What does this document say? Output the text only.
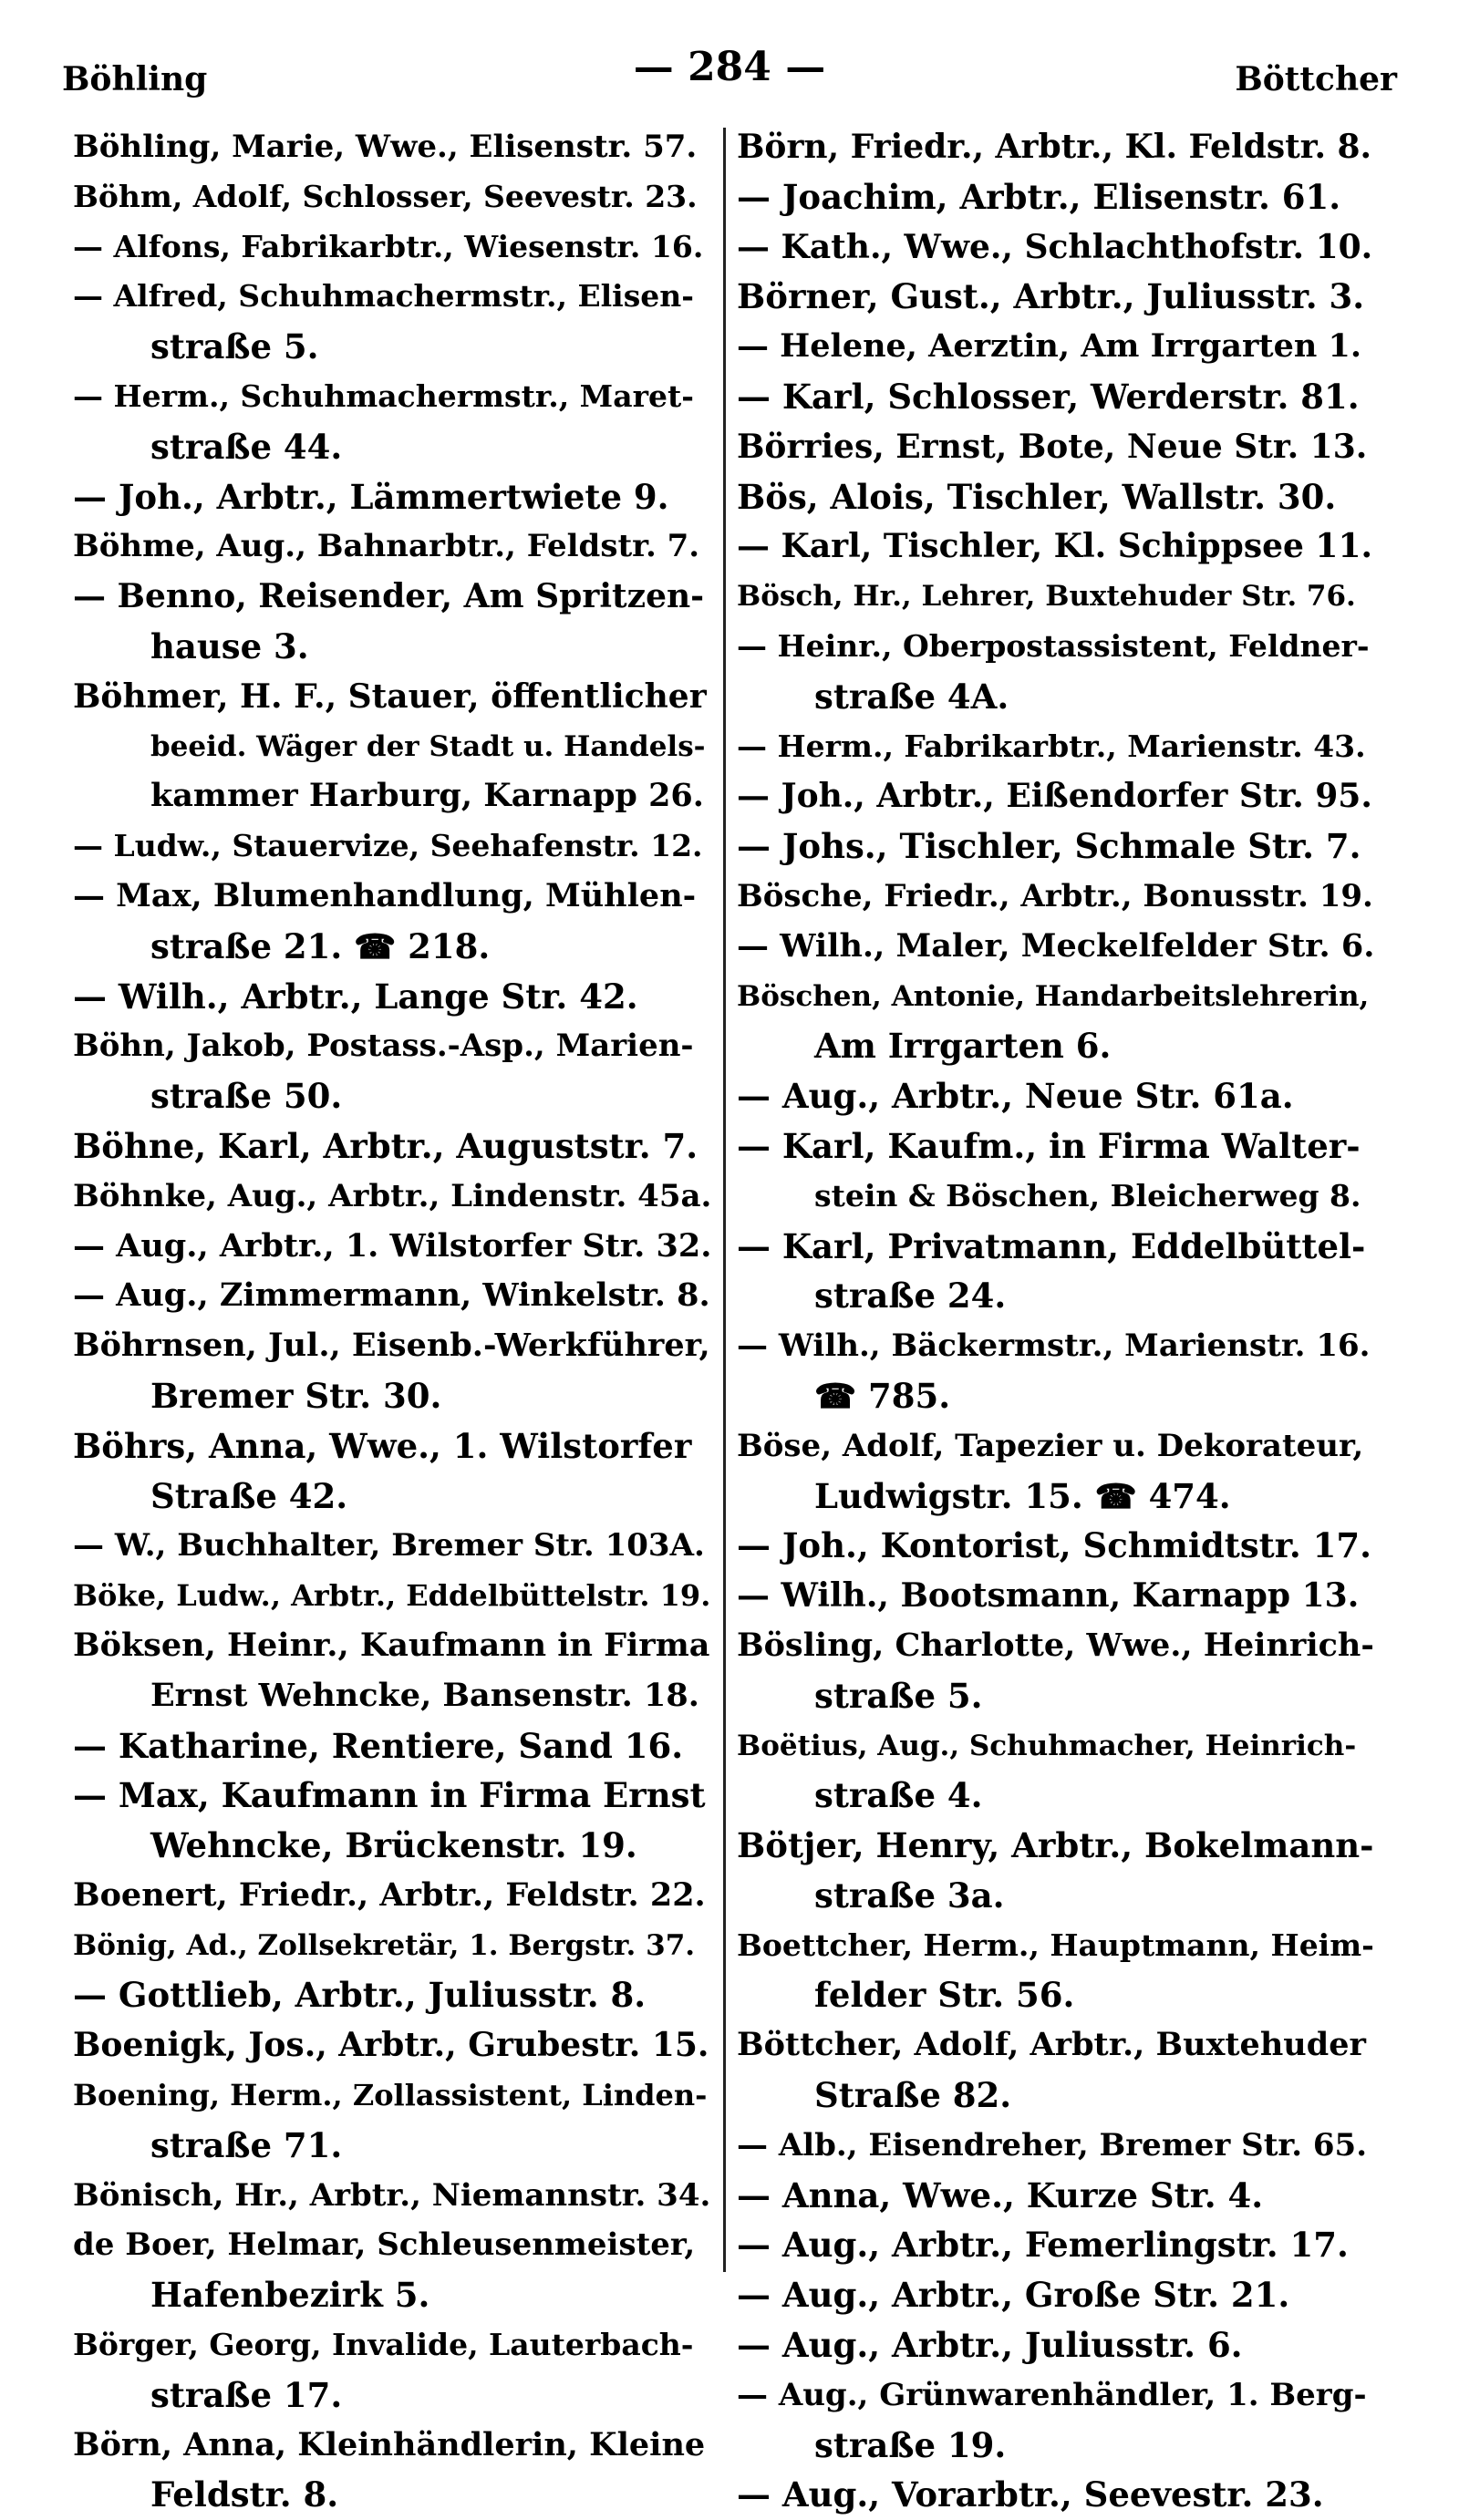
Böhling	— 284 —	Böttcher
Böhling, Marie, Wwe., Elisenstr. 57.
Böhm, Adolf, Schlosser, Seevestr. 23.
— Alfons, Fabrikarbtr., Wiesenstr. 16.
— Alfred, Schuhmachermstr., Elisen-
straße 5.
— Herm., Schuhmachermstr., Maret-
straße 44.
— Joh., Arbtr., Lämmertwiete 9.
Böhme, Aug., Bahnarbtr., Feldstr. 7.
— Benno, Reisender, Am Spritzen-
hause 3.
Böhmer, H. F., Stauer, öffentlicher
beeid. Wäger der Stadt u. Handels-
kammer Harburg, Karnapp 26.
— Ludw., Stauervize, Seehafenstr. 12.
— Max, Blumenhandlung, Mühlen-
straße 21. ☎ 218.
— Wilh., Arbtr., Lange Str. 42.
Böhn, Jakob, Postass.-Asp., Marien-
straße 50.
Böhne, Karl, Arbtr., Auguststr. 7.
Böhnke, Aug., Arbtr., Lindenstr. 45a.
— Aug., Arbtr., 1. Wilstorfer Str. 32.
— Aug., Zimmermann, Winkelstr. 8.
Böhrnsen, Jul., Eisenb.-Werkführer,
Bremer Str. 30.
Böhrs, Anna, Wwe., 1. Wilstorfer
Straße 42.
— W., Buchhalter, Bremer Str. 103A.
Böke, Ludw., Arbtr., Eddelbüttelstr. 19.
Böksen, Heinr., Kaufmann in Firma
Ernst Wehncke, Bansenstr. 18.
— Katharine, Rentiere, Sand 16.
— Max, Kaufmann in Firma Ernst
Wehncke, Brückenstr. 19.
Boenert, Friedr., Arbtr., Feldstr. 22.
Bönig, Ad., Zollsekretär, 1. Bergstr. 37.
— Gottlieb, Arbtr., Juliusstr. 8.
Boenigk, Jos., Arbtr., Grubestr. 15.
Boening, Herm., Zollassistent, Linden-
straße 71.
Bönisch, Hr., Arbtr., Niemannstr. 34.
de Boer, Helmar, Schleusenmeister,
Hafenbezirk 5.
Börger, Georg, Invalide, Lauterbach-
straße 17.
Börn, Anna, Kleinhändlerin, Kleine
Feldstr. 8.
Börn, Friedr., Arbtr., Kl. Feldstr. 8.
— Joachim, Arbtr., Elisenstr. 61.
— Kath., Wwe., Schlachthofstr. 10.
Börner, Gust., Arbtr., Juliusstr. 3.
— Helene, Aerztin, Am Irrgarten 1.
— Karl, Schlosser, Werderstr. 81.
Börries, Ernst, Bote, Neue Str. 13.
Bös, Alois, Tischler, Wallstr. 30.
— Karl, Tischler, Kl. Schippsee 11.
Bösch, Hr., Lehrer, Buxtehuder Str. 76.
— Heinr., Oberpostassistent, Feldner-
straße 4A.
— Herm., Fabrikarbtr., Marienstr. 43.
— Joh., Arbtr., Eißendorfer Str. 95.
— Johs., Tischler, Schmale Str. 7.
Bösche, Friedr., Arbtr., Bonusstr. 19.
— Wilh., Maler, Meckelfelder Str. 6.
Böschen, Antonie, Handarbeitslehrerin,
Am Irrgarten 6.
— Aug., Arbtr., Neue Str. 61a.
— Karl, Kaufm., in Firma Walter-
stein & Böschen, Bleicherweg 8.
— Karl, Privatmann, Eddelbüttel-
straße 24.
— Wilh., Bäckermstr., Marienstr. 16.
☎ 785.
Böse, Adolf, Tapezier u. Dekorateur,
Ludwigstr. 15. ☎ 474.
— Joh., Kontorist, Schmidtstr. 17.
— Wilh., Bootsmann, Karnapp 13.
Bösling, Charlotte, Wwe., Heinrich-
straße 5.
Boëtius, Aug., Schuhmacher, Heinrich-
straße 4.
Bötjer, Henry, Arbtr., Bokelmann-
straße 3a.
Boettcher, Herm., Hauptmann, Heim-
felder Str. 56.
Böttcher, Adolf, Arbtr., Buxtehuder
Straße 82.
— Alb., Eisendreher, Bremer Str. 65.
— Anna, Wwe., Kurze Str. 4.
— Aug., Arbtr., Femerlingstr. 17.
— Aug., Arbtr., Große Str. 21.
— Aug., Arbtr., Juliusstr. 6.
— Aug., Grünwarenhändler, 1. Berg-
straße 19.
— Aug., Vorarbtr., Seevestr. 23.
